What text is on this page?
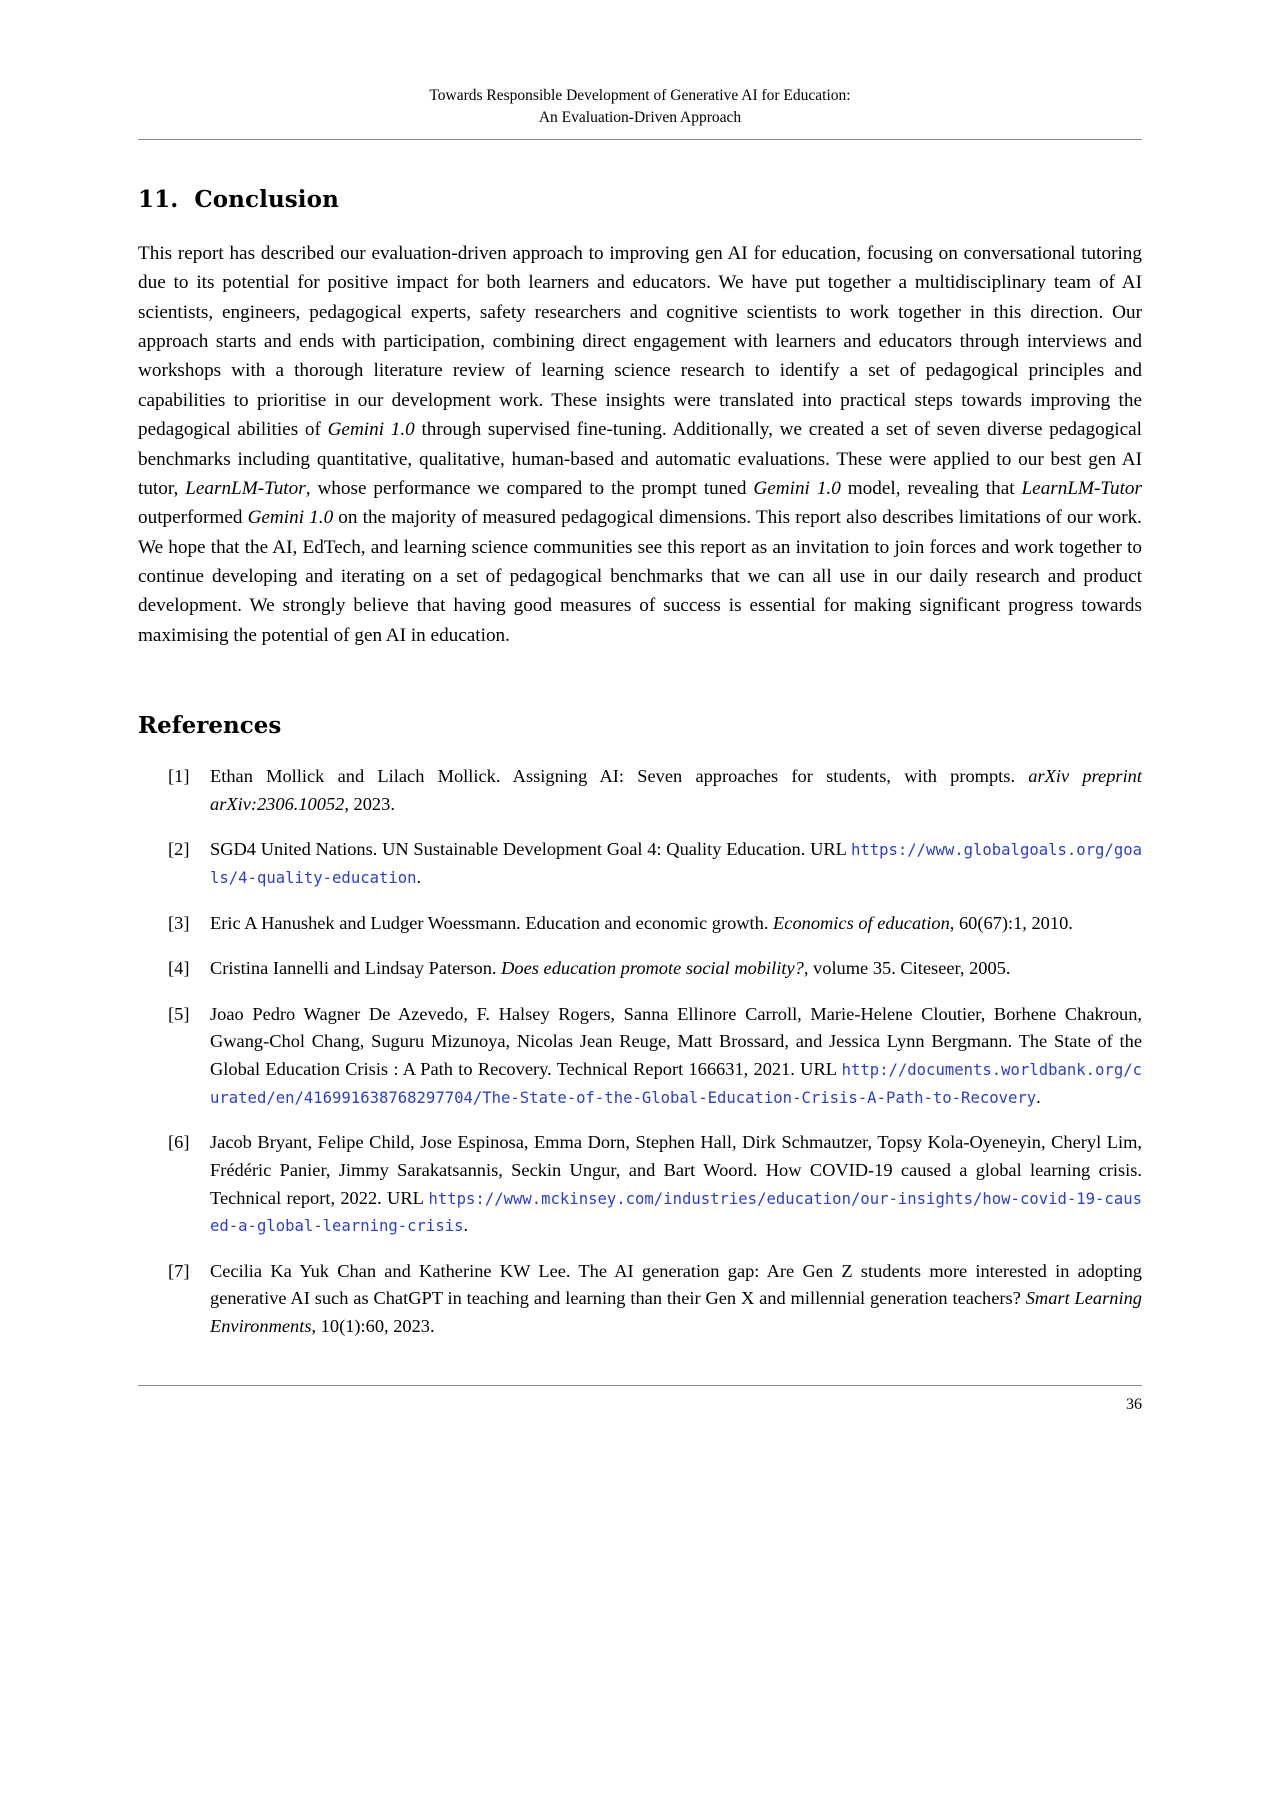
Towards Responsible Development of Generative AI for Education:
An Evaluation-Driven Approach
11. Conclusion

This report has described our evaluation-driven approach to improving gen AI for education, focusing on conversational tutoring due to its potential for positive impact for both learners and educators. We have put together a multidisciplinary team of AI scientists, engineers, pedagogical experts, safety researchers and cognitive scientists to work together in this direction. Our approach starts and ends with participation, combining direct engagement with learners and educators through interviews and workshops with a thorough literature review of learning science research to identify a set of pedagogical principles and capabilities to prioritise in our development work. These insights were translated into practical steps towards improving the pedagogical abilities of Gemini 1.0 through supervised fine-tuning. Additionally, we created a set of seven diverse pedagogical benchmarks including quantitative, qualitative, human-based and automatic evaluations. These were applied to our best gen AI tutor, LearnLM-Tutor, whose performance we compared to the prompt tuned Gemini 1.0 model, revealing that LearnLM-Tutor outperformed Gemini 1.0 on the majority of measured pedagogical dimensions. This report also describes limitations of our work. We hope that the AI, EdTech, and learning science communities see this report as an invitation to join forces and work together to continue developing and iterating on a set of pedagogical benchmarks that we can all use in our daily research and product development. We strongly believe that having good measures of success is essential for making significant progress towards maximising the potential of gen AI in education.

References
[1]	Ethan Mollick and Lilach Mollick. Assigning AI: Seven approaches for students, with prompts. arXiv preprint arXiv:2306.10052, 2023.
[2]	SGD4 United Nations. UN Sustainable Development Goal 4: Quality Education. URL https://www.globalgoals.org/goals/4-quality-education.
[3]	Eric A Hanushek and Ludger Woessmann. Education and economic growth. Economics of education, 60(67):1, 2010.
[4]	Cristina Iannelli and Lindsay Paterson. Does education promote social mobility?, volume 35. Citeseer, 2005.
[5]	Joao Pedro Wagner De Azevedo, F. Halsey Rogers, Sanna Ellinore Carroll, Marie-Helene Cloutier, Borhene Chakroun, Gwang-Chol Chang, Suguru Mizunoya, Nicolas Jean Reuge, Matt Brossard, and Jessica Lynn Bergmann. The State of the Global Education Crisis : A Path to Recovery. Technical Report 166631, 2021. URL http://documents.worldbank.org/curated/en/416991638768297704/The-State-of-the-Global-Education-Crisis-A-Path-to-Recovery.
[6]	Jacob Bryant, Felipe Child, Jose Espinosa, Emma Dorn, Stephen Hall, Dirk Schmautzer, Topsy Kola-Oyeneyin, Cheryl Lim, Frédéric Panier, Jimmy Sarakatsannis, Seckin Ungur, and Bart Woord. How COVID-19 caused a global learning crisis. Technical report, 2022. URL https://www.mckinsey.com/industries/education/our-insights/how-covid-19-caused-a-global-learning-crisis.
[7]	Cecilia Ka Yuk Chan and Katherine KW Lee. The AI generation gap: Are Gen Z students more interested in adopting generative AI such as ChatGPT in teaching and learning than their Gen X and millennial generation teachers? Smart Learning Environments, 10(1):60, 2023.
36
